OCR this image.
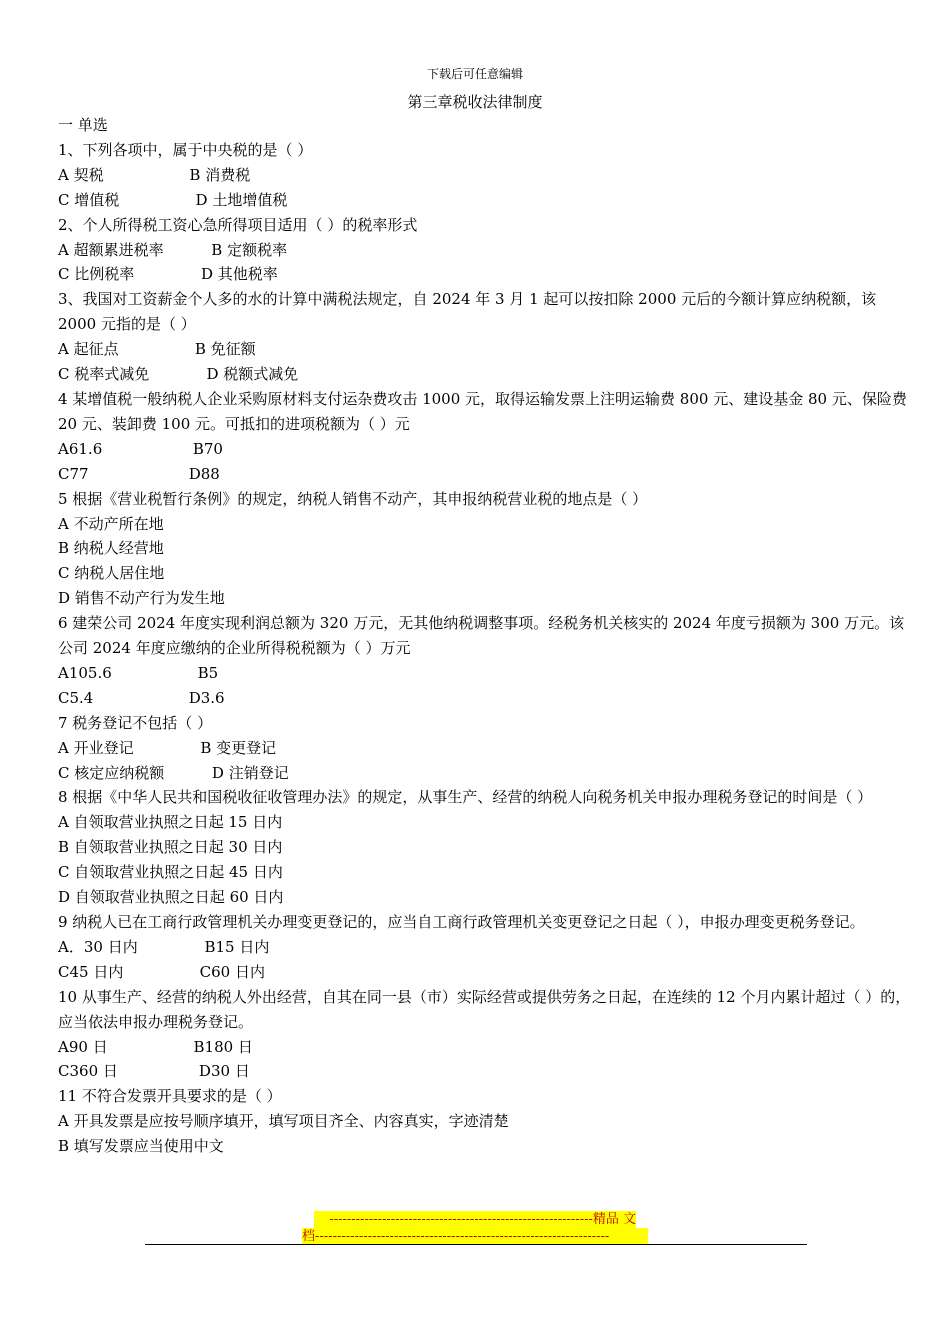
下载后可任意编辑
第三章税收法律制度
一 单选
1、下列各项中，属于中央税的是（ ）
A 契税                  B 消费税
C 增值税                D 土地增值税
2、个人所得税工资心急所得项目适用（ ）的税率形式
A 超额累进税率          B 定额税率
C 比例税率              D 其他税率
3、我国对工资薪金个人多的水的计算中满税法规定，自 2024 年 3 月 1 起可以按扣除 2000 元后的今额计算应纳税额，该 2000 元指的是（ ）
A 起征点                B 免征额
C 税率式减免            D 税额式减免
4 某增值税一般纳税人企业采购原材料支付运杂费攻击 1000 元，取得运输发票上注明运输费 800 元、建设基金 80 元、保险费 20 元、装卸费 100 元。可抵扣的进项税额为（ ）元
A61.6                   B70
C77                     D88
5 根据《营业税暂行条例》的规定，纳税人销售不动产，其申报纳税营业税的地点是（ ）
A 不动产所在地
B 纳税人经营地
C 纳税人居住地
D 销售不动产行为发生地
6 建荣公司 2024 年度实现利润总额为 320 万元，无其他纳税调整事项。经税务机关核实的 2024 年度亏损额为 300 万元。该公司 2024 年度应缴纳的企业所得税税额为（ ）万元
A105.6                  B5
C5.4                    D3.6
7 税务登记不包括（ ）
A 开业登记              B 变更登记
C 核定应纳税额          D 注销登记
8 根据《中华人民共和国税收征收管理办法》的规定，从事生产、经营的纳税人向税务机关申报办理税务登记的时间是（ ）
A 自领取营业执照之日起 15 日内
B 自领取营业执照之日起 30 日内
C 自领取营业执照之日起 45 日内
D 自领取营业执照之日起 60 日内
9 纳税人已在工商行政管理机关办理变更登记的，应当自工商行政管理机关变更登记之日起（ ），申报办理变更税务登记。
A．30 日内              B15 日内
C45 日内                C60 日内
10 从事生产、经营的纳税人外出经营，自其在同一县（市）实际经营或提供劳务之日起，在连续的 12 个月内累计超过（ ）的，应当依法申报办理税务登记。
A90 日                  B180 日
C360 日                 D30 日
11 不符合发票开具要求的是（ ）
A 开具发票是应按号顺序填开，填写项目齐全、内容真实，字迹清楚
B 填写发票应当使用中文
------------------------------------------------------------精品 文
档-------------------------------------------------------------------
